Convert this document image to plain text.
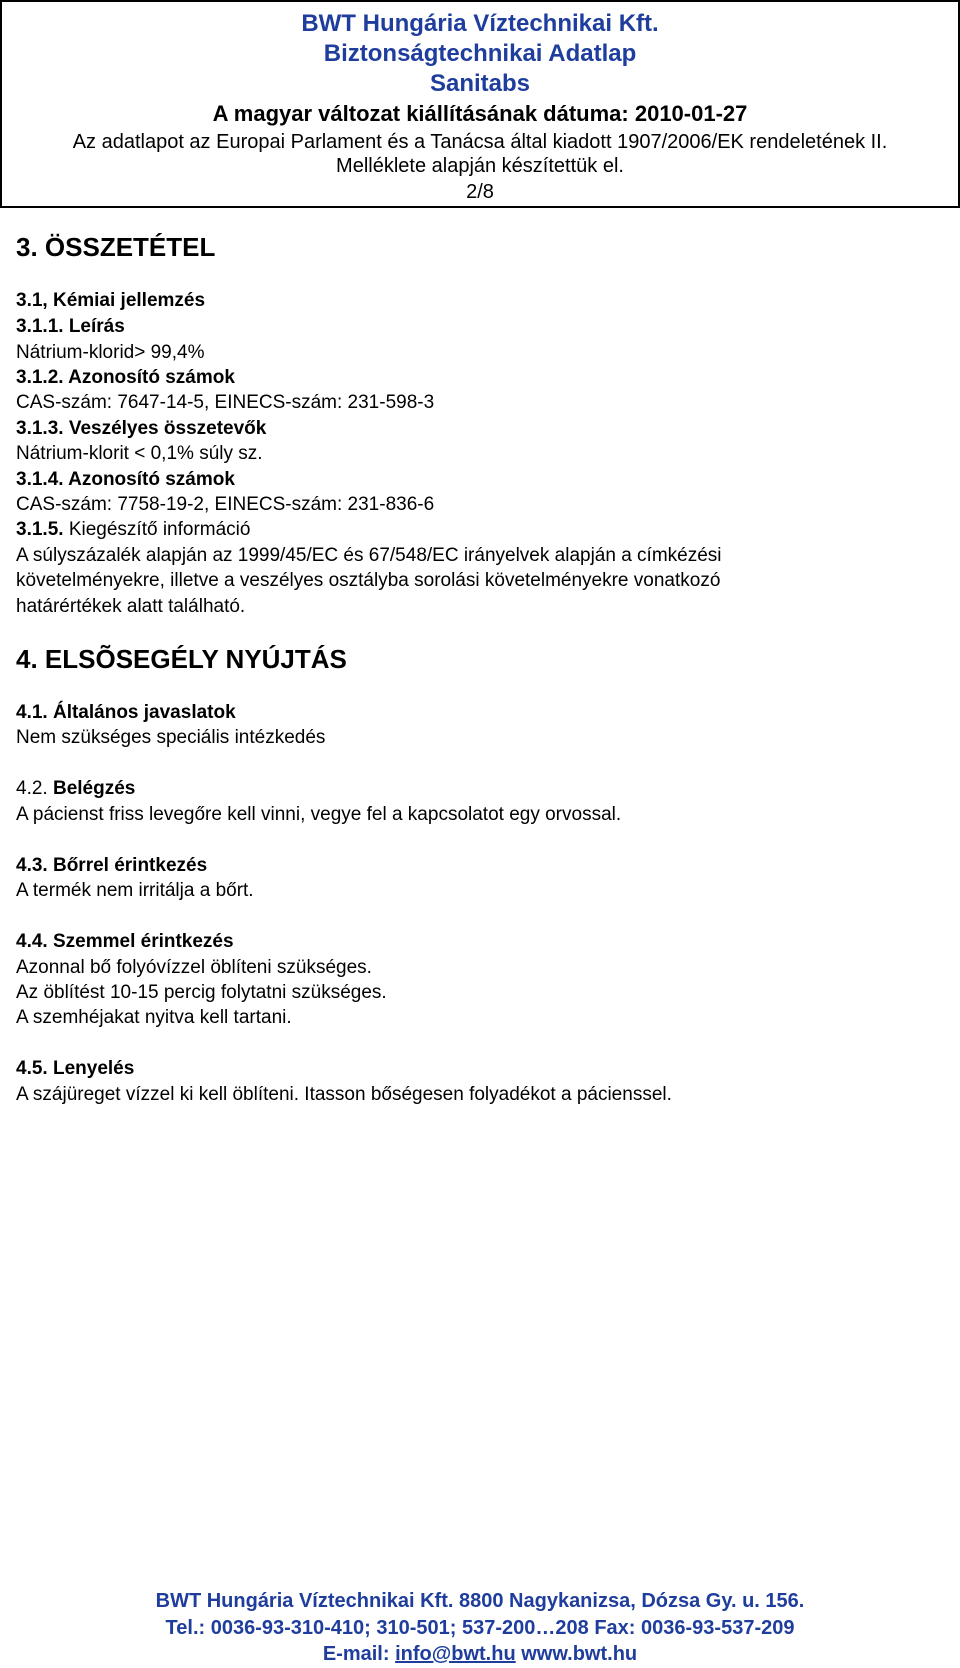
BWT Hungária Víztechnikai Kft.
Biztonságtechnikai Adatlap
Sanitabs
A magyar változat kiállításának dátuma: 2010-01-27
Az adatlapot az Europai Parlament és a Tanácsa által kiadott 1907/2006/EK rendeletének II.
Melléklete alapján készítettük el.
2/8
3. ÖSSZETÉTEL
3.1, Kémiai jellemzés
3.1.1. Leírás
Nátrium-klorid> 99,4%
3.1.2. Azonosító számok
CAS-szám: 7647-14-5, EINECS-szám: 231-598-3
3.1.3. Veszélyes összetevők
Nátrium-klorit < 0,1% súly sz.
3.1.4. Azonosító számok
CAS-szám: 7758-19-2, EINECS-szám: 231-836-6
3.1.5. Kiegészítő információ
A súlyszázalék alapján az 1999/45/EC és 67/548/EC irányelvek alapján a címkézési
követelményekre, illetve a veszélyes osztályba sorolási követelményekre vonatkozó
határértékek alatt található.
4. ELSÕSEGÉLY NYÚJTÁS
4.1. Általános javaslatok
Nem szükséges speciális intézkedés
4.2. Belégzés
A pácienst friss levegőre kell vinni, vegye fel a kapcsolatot egy orvossal.
4.3. Bőrrel érintkezés
A termék nem irritálja a bőrt.
4.4. Szemmel érintkezés
Azonnal bő folyóvízzel öblíteni szükséges.
Az öblítést 10-15 percig folytatni szükséges.
A szemhéjakat nyitva kell tartani.
4.5. Lenyelés
A szájüreget vízzel ki kell öblíteni. Itasson bőségesen folyadékot a pácienssel.
BWT Hungária Víztechnikai Kft. 8800 Nagykanizsa, Dózsa Gy. u. 156.
Tel.: 0036-93-310-410; 310-501; 537-200…208 Fax: 0036-93-537-209
E-mail: info@bwt.hu www.bwt.hu
